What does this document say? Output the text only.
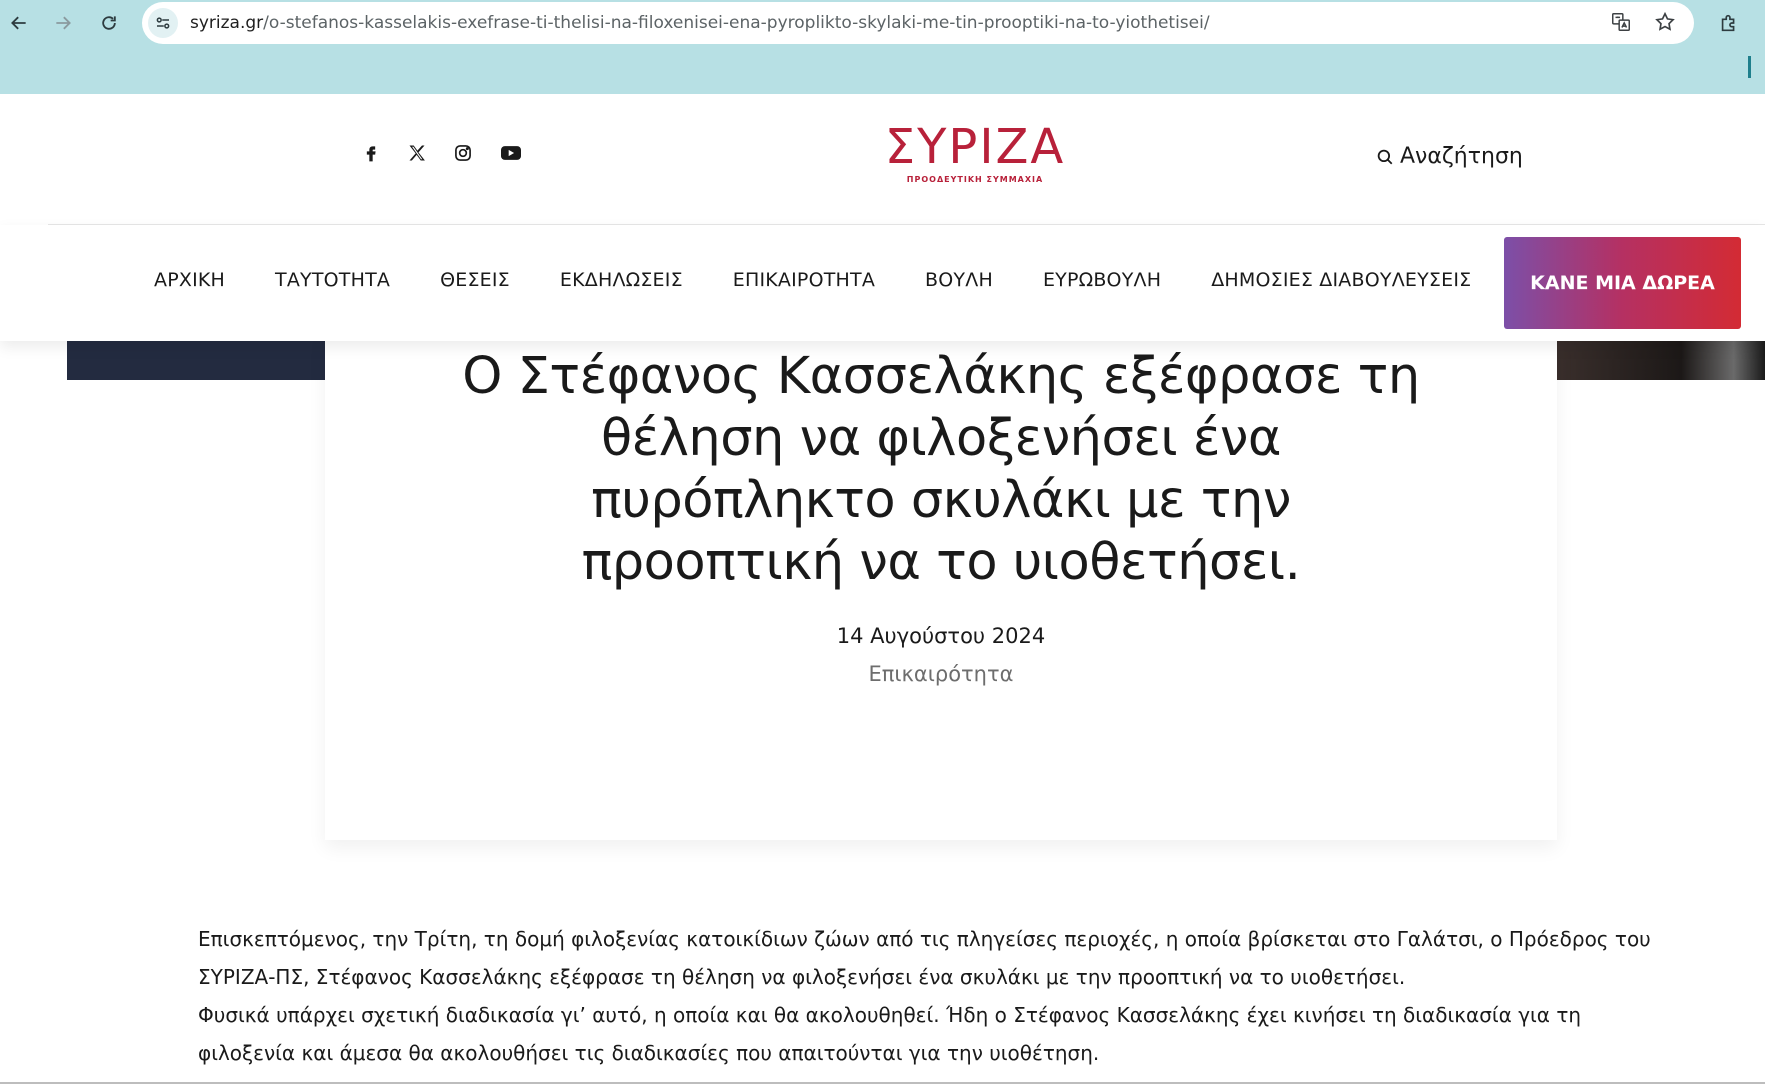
syriza.gr/o-stefanos-kasselakis-exefrase-ti-thelisi-na-filoxenisei-ena-pyroplikto-skylaki-me-tin-prooptiki-na-to-yiothetisei/
ΣΥΡΙΖΑ
ΠΡΟΟΔΕΥΤΙΚΗ ΣΥΜΜΑΧΙΑ
Αναζήτηση
ΑΡΧΙΚΗ	ΤΑΥΤΟΤΗΤΑ	ΘΕΣΕΙΣ	ΕΚΔΗΛΩΣΕΙΣ	ΕΠΙΚΑΙΡΟΤΗΤΑ	ΒΟΥΛΗ	ΕΥΡΩΒΟΥΛΗ	ΔΗΜΟΣΙΕΣ ΔΙΑΒΟΥΛΕΥΣΕΙΣ	ΚΑΝΕ ΜΙΑ ΔΩΡΕΑ
Ο Στέφανος Κασσελάκης εξέφρασε τη θέληση να φιλοξενήσει ένα πυρόπληκτο σκυλάκι με την προοπτική να το υιοθετήσει.
14 Αυγούστου 2024
Επικαιρότητα

Επισκεπτόμενος, την Τρίτη, τη δομή φιλοξενίας κατοικίδιων ζώων από τις πληγείσες περιοχές, η οποία βρίσκεται στο Γαλάτσι, ο Πρόεδρος του ΣΥΡΙΖΑ-ΠΣ, Στέφανος Κασσελάκης εξέφρασε τη θέληση να φιλοξενήσει ένα σκυλάκι με την προοπτική να το υιοθετήσει.

Φυσικά υπάρχει σχετική διαδικασία γι’ αυτό, η οποία και θα ακολουθηθεί. Ήδη ο Στέφανος Κασσελάκης έχει κινήσει τη διαδικασία για τη φιλοξενία και άμεσα θα ακολουθήσει τις διαδικασίες που απαιτούνται για την υιοθέτηση.
